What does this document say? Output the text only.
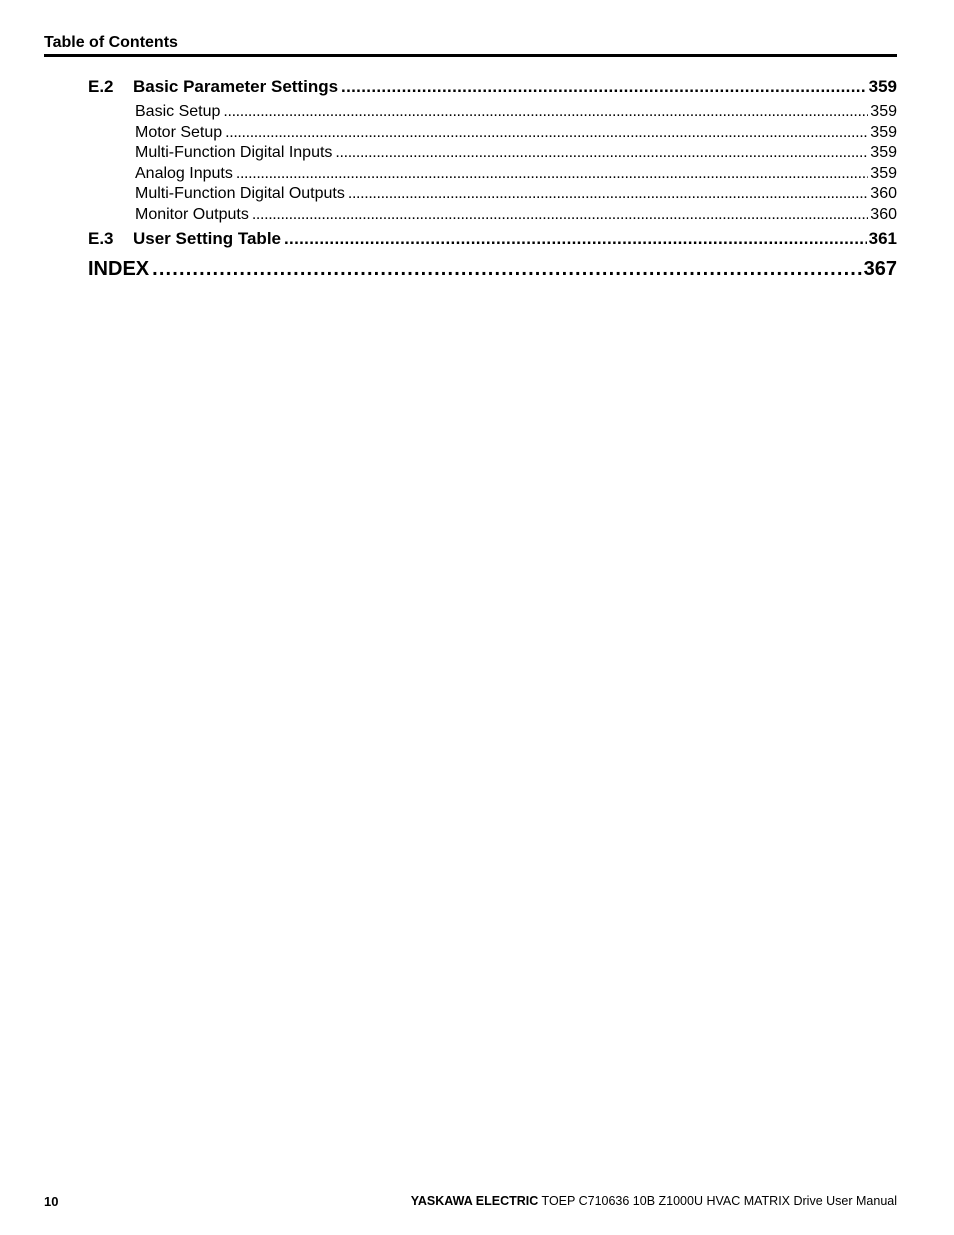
Table of Contents
E.2 Basic Parameter Settings . . .	359
Basic Setup . . .	359
Motor Setup . . .	359
Multi-Function Digital Inputs . . .	359
Analog Inputs . . .	359
Multi-Function Digital Outputs . . .	360
Monitor Outputs . . .	360
E.3 User Setting Table . . .	361
INDEX . . .	367
10	YASKAWA ELECTRIC TOEP C710636 10B Z1000U HVAC MATRIX Drive User Manual
